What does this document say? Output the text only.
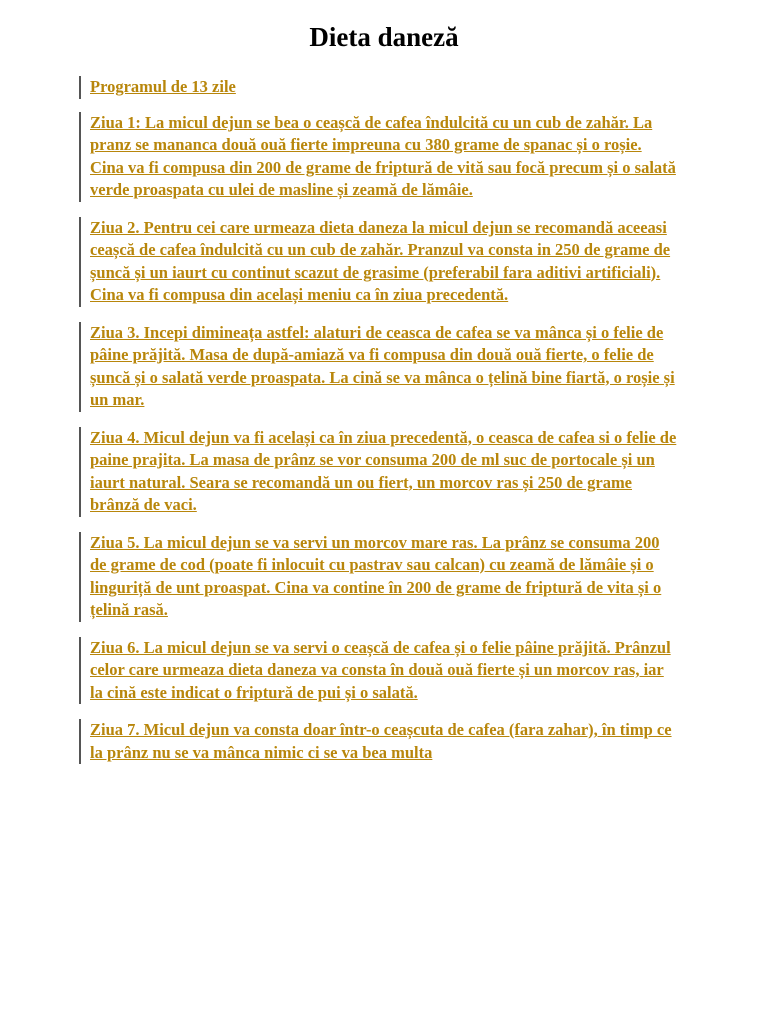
Dieta daneză

Programul de 13 zile

Ziua 1: La micul dejun se bea o ceașcă de cafea îndulcită cu un cub de zahăr. La pranz se mananca două ouă fierte impreuna cu 380 grame de spanac și o roșie. Cina va fi compusa din 200 de grame de friptură de vită sau focă precum și o salată verde proaspata cu ulei de masline și zeamă de lămâie.

Ziua 2. Pentru cei care urmeaza dieta daneza la micul dejun se recomandă aceeasi ceașcă de cafea îndulcită cu un cub de zahăr. Pranzul va consta in 250 de grame de șuncă și un iaurt cu continut scazut de grasime (preferabil fara aditivi artificiali). Cina va fi compusa din același meniu ca în ziua precedentă.

Ziua 3. Incepi dimineața astfel: alaturi de ceasca de cafea se va mânca și o felie de pâine prăjită. Masa de după-amiază va fi compusa din două ouă fierte, o felie de șuncă și o salată verde proaspata. La cină se va mânca o țelină bine fiartă, o roșie și un mar.

Ziua 4. Micul dejun va fi același ca în ziua precedentă, o ceasca de cafea si o felie de paine prajita. La masa de prânz se vor consuma 200 de ml suc de portocale și un iaurt natural. Seara se recomandă un ou fiert, un morcov ras și 250 de grame brânză de vaci.

Ziua 5. La micul dejun se va servi un morcov mare ras. La prânz se consuma 200 de grame de cod (poate fi inlocuit cu pastrav sau calcan) cu zeamă de lămâie și o linguriță de unt proaspat. Cina va contine în 200 de grame de friptură de vita și o țelină rasă.

Ziua 6. La micul dejun se va servi o ceașcă de cafea și o felie pâine prăjită. Prânzul celor care urmeaza dieta daneza va consta în două ouă fierte și un morcov ras, iar la cină este indicat o friptură de pui și o salată.

Ziua 7. Micul dejun va consta doar într-o ceașcuta de cafea (fara zahar), în timp ce la prânz nu se va mânca nimic ci se va bea multa
